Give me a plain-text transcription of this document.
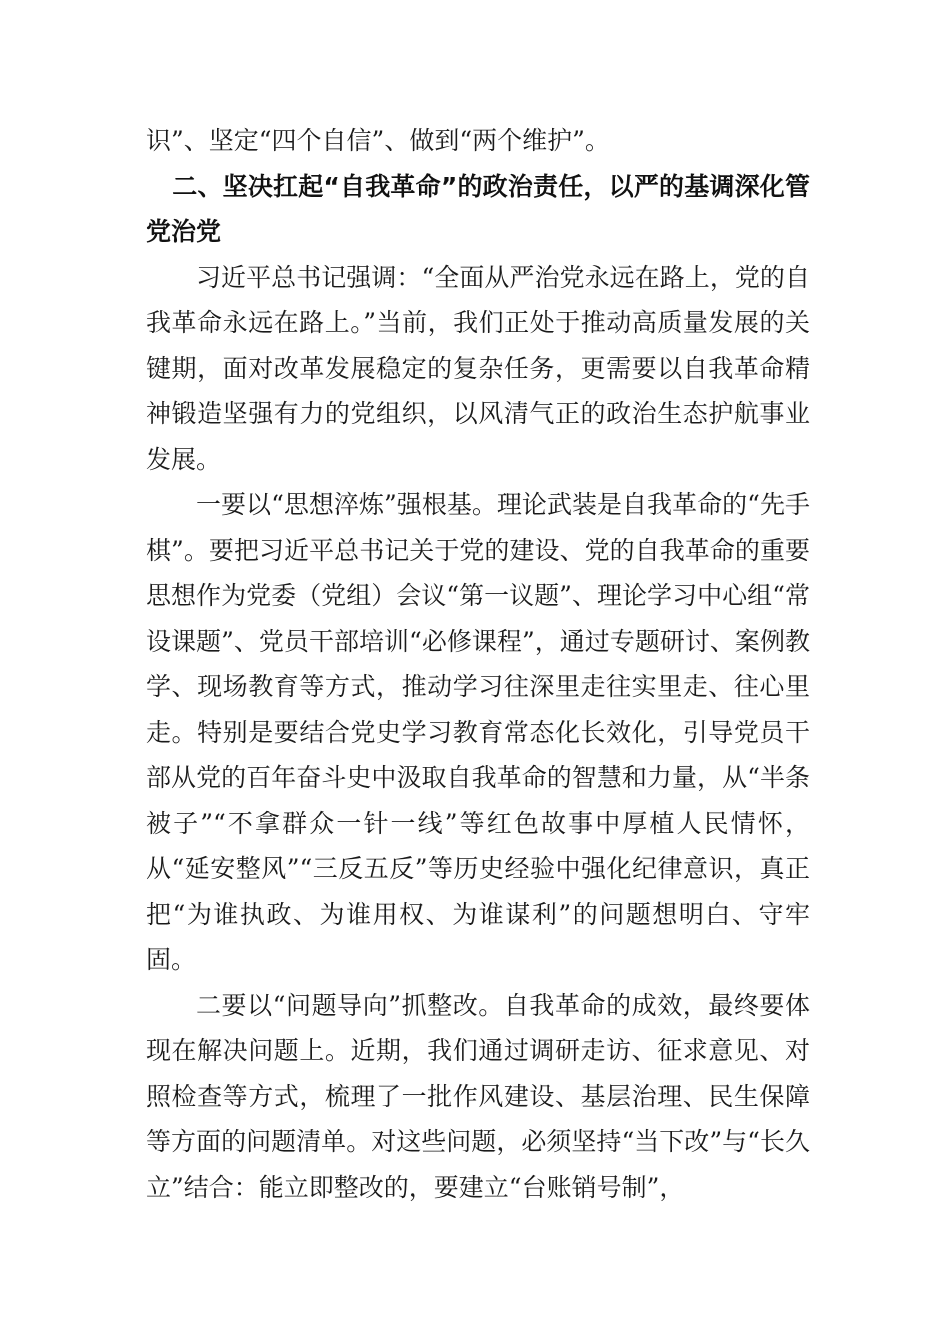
识”、坚定“四个自信”、做到“两个维护”。

二、坚决扛起“自我革命”的政治责任，以严的基调深化管党治党

习近平总书记强调：“全面从严治党永远在路上，党的自我革命永远在路上。”当前，我们正处于推动高质量发展的关键期，面对改革发展稳定的复杂任务，更需要以自我革命精神锻造坚强有力的党组织，以风清气正的政治生态护航事业发展。

一要以“思想淬炼”强根基。理论武装是自我革命的“先手棋”。要把习近平总书记关于党的建设、党的自我革命的重要思想作为党委（党组）会议“第一议题”、理论学习中心组“常设课题”、党员干部培训“必修课程”，通过专题研讨、案例教学、现场教育等方式，推动学习往深里走往实里走、往心里走。特别是要结合党史学习教育常态化长效化，引导党员干部从党的百年奋斗史中汲取自我革命的智慧和力量，从“半条被子”“不拿群众一针一线”等红色故事中厚植人民情怀，从“延安整风”“三反五反”等历史经验中强化纪律意识，真正把“为谁执政、为谁用权、为谁谋利”的问题想明白、守牢固。

二要以“问题导向”抓整改。自我革命的成效，最终要体现在解决问题上。近期，我们通过调研走访、征求意见、对照检查等方式，梳理了一批作风建设、基层治理、民生保障等方面的问题清单。对这些问题，必须坚持“当下改”与“长久立”结合：能立即整改的，要建立“台账销号制”，
